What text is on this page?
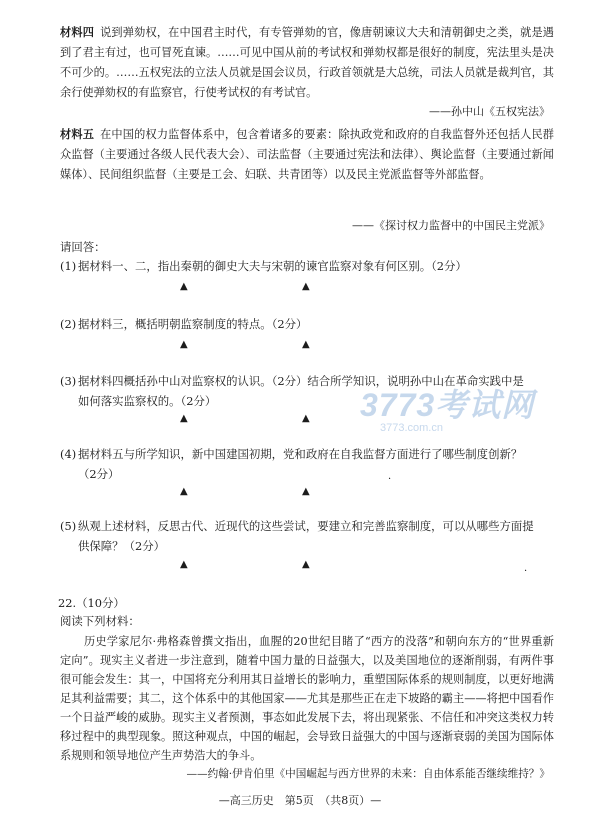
材料四 说到弹劾权，在中国君主时代，有专管弹劾的官，像唐朝谏议大夫和清朝御史之类，就是遇到了君主有过，也可冒死直谏。……可见中国从前的考试权和弹劾权都是很好的制度，宪法里头是决不可少的。……五权宪法的立法人员就是国会议员，行政首领就是大总统，司法人员就是裁判官，其余行使弹劾权的有监察官，行使考试权的有考试官。

——孙中山《五权宪法》

材料五 在中国的权力监督体系中，包含着诸多的要素：除执政党和政府的自我监督外还包括人民群众监督（主要通过各级人民代表大会）、司法监督（主要通过宪法和法律）、舆论监督（主要通过新闻媒体）、民间组织监督（主要是工会、妇联、共青团等）以及民主党派监督等外部监督。

——《探讨权力监督中的中国民主党派》
请回答：
(1) 据材料一、二，指出秦朝的御史大夫与宋朝的谏官监察对象有何区别。（2分）
▲	▲
(2) 据材料三，概括明朝监察制度的特点。（2分）
▲	▲
(3) 据材料四概括孙中山对监察权的认识。（2分）结合所学知识，说明孙中山在革命实践中是
如何落实监察权的。（2分）
▲	▲
(4) 据材料五与所学知识，新中国建国初期，党和政府在自我监督方面进行了哪些制度创新？
（2分）
▲	▲
(5) 纵观上述材料，反思古代、近现代的这些尝试，要建立和完善监察制度，可以从哪些方面提
供保障？（2分）
▲	▲
·
·
22.（10分）
阅读下列材料：

历史学家尼尔·弗格森曾撰文指出，血腥的20世纪目睹了“西方的没落”和朝向东方的“世界重新定向”。现实主义者进一步注意到，随着中国力量的日益强大，以及美国地位的逐渐削弱，有两件事很可能会发生：其一，中国将充分利用其日益增长的影响力，重塑国际体系的规则制度，以更好地满足其利益需要；其二，这个体系中的其他国家——尤其是那些正在走下坡路的霸主——将把中国看作一个日益严峻的威胁。现实主义者预测，事态如此发展下去，将出现紧张、不信任和冲突这类权力转移过程中的典型现象。照这种观点，中国的崛起，会导致日益强大的中国与逐渐衰弱的美国为国际体系规则和领导地位产生声势浩大的争斗。

——约翰·伊肯伯里《中国崛起与西方世界的未来：自由体系能否继续维持？》
3773考试网
3773.com.cn
—高三历史　第5页　（共8页）—
